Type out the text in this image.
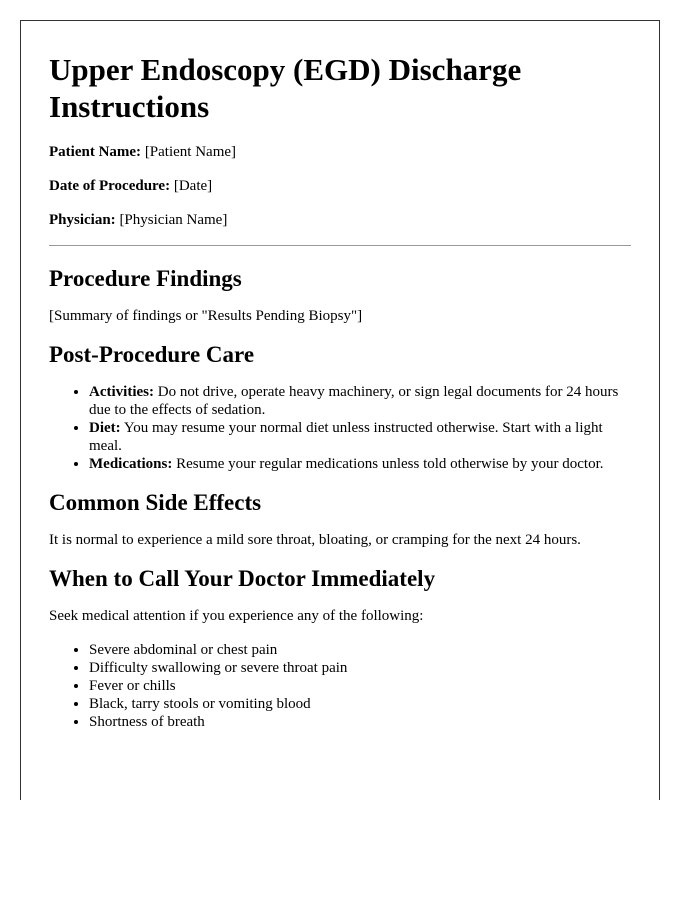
Upper Endoscopy (EGD) Discharge Instructions
Patient Name: [Patient Name]
Date of Procedure: [Date]
Physician: [Physician Name]
Procedure Findings

[Summary of findings or "Results Pending Biopsy"]

Post-Procedure Care
• Activities: Do not drive, operate heavy machinery, or sign legal documents for 24 hours due to the effects of sedation.
• Diet: You may resume your normal diet unless instructed otherwise. Start with a light meal.
• Medications: Resume your regular medications unless told otherwise by your doctor.
Common Side Effects

It is normal to experience a mild sore throat, bloating, or cramping for the next 24 hours.

When to Call Your Doctor Immediately

Seek medical attention if you experience any of the following:

• Severe abdominal or chest pain
• Difficulty swallowing or severe throat pain
• Fever or chills
• Black, tarry stools or vomiting blood
• Shortness of breath
